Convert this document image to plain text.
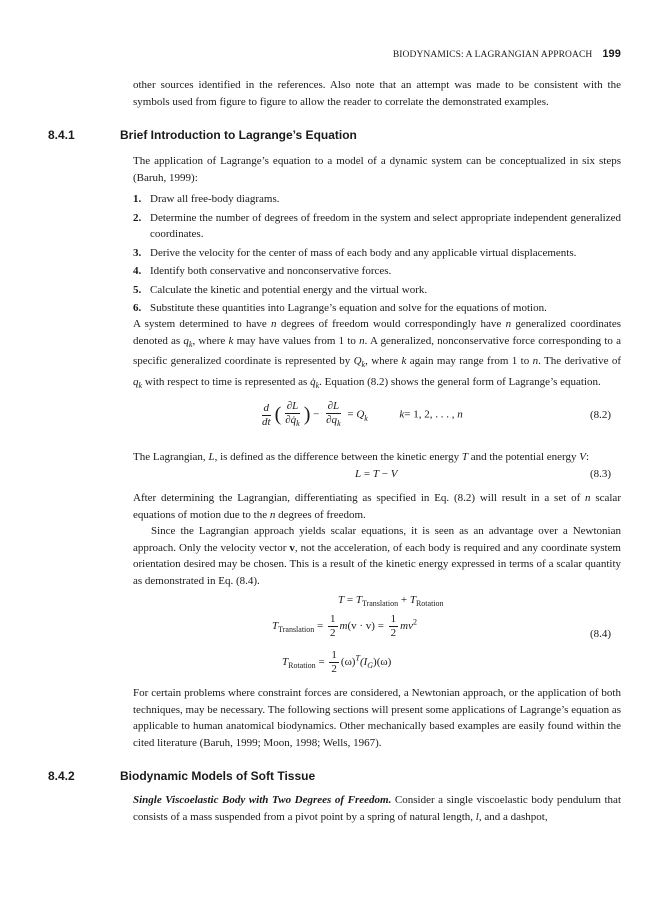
BIODYNAMICS: A LAGRANGIAN APPROACH 199
other sources identified in the references. Also note that an attempt was made to be consistent with the symbols used from figure to figure to allow the reader to correlate the demonstrated examples.
8.4.1	Brief Introduction to Lagrange’s Equation
The application of Lagrange’s equation to a model of a dynamic system can be conceptualized in six steps (Baruh, 1999):
1. Draw all free-body diagrams.
2. Determine the number of degrees of freedom in the system and select appropriate independent generalized coordinates.
3. Derive the velocity for the center of mass of each body and any applicable virtual displacements.
4. Identify both conservative and nonconservative forces.
5. Calculate the kinetic and potential energy and the virtual work.
6. Substitute these quantities into Lagrange’s equation and solve for the equations of motion.
A system determined to have n degrees of freedom would correspondingly have n generalized coordinates denoted as $q_k$, where k may have values from 1 to n. A generalized, nonconservative force corresponding to a specific generalized coordinate is represented by $Q_k$, where k again may range from 1 to n. The derivative of $q_k$ with respect to time is represented as $q̇_k$. Equation (8.2) shows the general form of Lagrange’s equation.
$\frac{d}{dt}$ ( $\frac{\partial L}{\partial q̇_k}$ ) − $\frac{\partial L}{\partial q_k} = Q_k$	k= 1, 2, . . . , n	(8.2)
The Lagrangian, L, is defined as the difference between the kinetic energy T and the potential energy V:
L = T − V	(8.3)
After determining the Lagrangian, differentiating as specified in Eq. (8.2) will result in a set of n scalar equations of motion due to the n degrees of freedom.
Since the Lagrangian approach yields scalar equations, it is seen as an advantage over a Newtonian approach. Only the velocity vector v, not the acceleration, of each body is required and any coordinate system orientation desired may be chosen. This is a result of the kinetic energy expressed in terms of a scalar quantity as demonstrated in Eq. (8.4).
$T = T_{Translation} + T_{Rotation}$
$T_{Translation} = \frac{1}{2} m(v \cdot v) = \frac{1}{2} mv^2$
$T_{Rotation} = \frac{1}{2} (\omega)^T(I_G)(\omega)$
(8.4)
For certain problems where constraint forces are considered, a Newtonian approach, or the application of both techniques, may be necessary. The following sections will present some applications of Lagrange’s equation as applicable to human anatomical biodynamics. Other mechanically based examples are easily found within the cited literature (Baruh, 1999; Moon, 1998; Wells, 1967).
8.4.2	Biodynamic Models of Soft Tissue
Single Viscoelastic Body with Two Degrees of Freedom. Consider a single viscoelastic body pendulum that consists of a mass suspended from a pivot point by a spring of natural length, l, and a dashpot,
